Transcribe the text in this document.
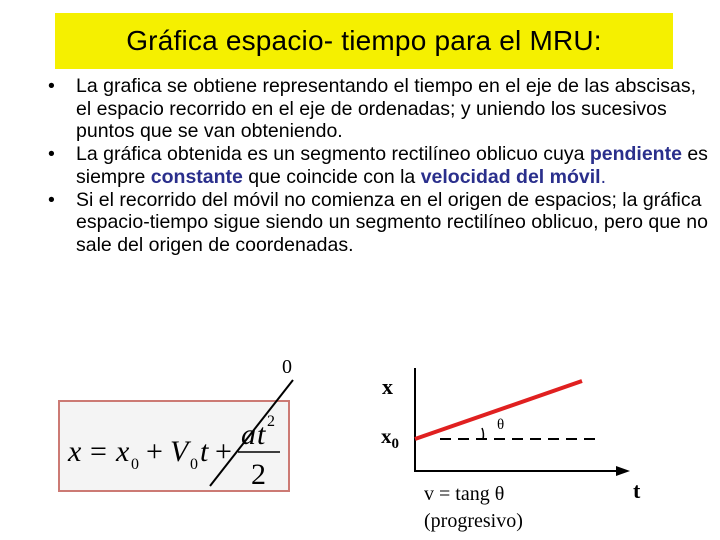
Gráfica espacio- tiempo para el MRU:
• La grafica se obtiene representando el tiempo en el eje de las abscisas, el espacio recorrido en el eje de ordenadas; y uniendo los sucesivos puntos que se van obteniendo.
• La gráfica obtenida es un segmento rectilíneo oblicuo cuya pendiente es siempre constante que coincide con la velocidad del móvil.
• Si el recorrido del móvil no comienza en el origen de espacios; la gráfica espacio-tiempo sigue siendo un segmento rectilíneo oblicuo, pero que no sale del origen de coordenadas.
0
x = x 0 + V 0 t +
a t 2
2
x
$x_0$
θ
t
v = tang θ
(progresivo)
